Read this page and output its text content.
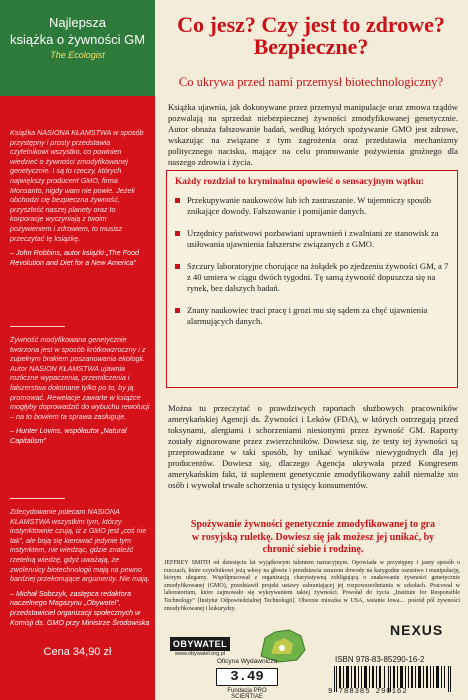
Najlepsza
książka o żywności GM
The Ecologist
Książka NASIONA KŁAMSTWA w sposób przystępny i prosty przedstawia czytelnikowi wszystko, co powinien wiedzieć o żywności zmodyfikowanej genetycznie. I są to rzeczy, których największy producent GMO, firma Monsanto, nigdy wam nie powie. Jeżeli obchodzi cię bezpieczna żywność, przyszłość naszej planety oraz to korporacje wyczyniają z twoim pożywieniem i zdrowiem, to musisz przeczytać tę książkę.
– John Robbins, autor książki „The Food Revolution and Diet for a New America”
Żywność modyfikowana genetycznie tworzona jest w sposób krótkowzroczny i z zupełnym brakiem poszanowania ekologii. Autor NASION KŁAMSTWA ujawnia rozliczne wypaczenia, przemilczenia i fałszerstwa dokonane tylko po to, by ją promować. Rewelacje zawarte w książce mogłyby doprowadzić do wybuchu rewolucji – na to bowiem ta sprawa zasługuje.
– Hunter Lovins, współautor „Natural Capitalism”
Zdecydowanie polecam NASIONA KŁAMSTWA wszystkim tym, którzy instynktownie czują, iż z GMO jest „coś nie tak”, ale boją się kierować jedynie tym instynktem, nie wiedząc, gdzie znaleźć rzetelną wiedzę, gdyż uważają, że zwolennicy biotechnologii mają na pewno bardziej przekonujące argumenty. Nie mają.
– Michał Sobczyk, zastępca redaktora naczelnego Magazynu „Obywatel”, przedstawiciel organizacji społecznych w Komisji ds. GMO przy Ministrze Środowiska
Cena 34,90 zł
Co jesz? Czy jest to zdrowe?
Bezpieczne?
Co ukrywa przed nami przemysł biotechnologiczny?
Książka ujawnia, jak dokonywane przez przemysł manipulacje oraz zmowa rządów pozwalają na sprzedaż niebezpiecznej żywności zmodyfikowanej genetycznie. Autor obnaża fałszowanie badań, według których spożywanie GMO jest zdrowe, wskazując na związane z tym zagrożenia oraz przedstawia mechanizmy politycznego nacisku, mające na celu promowanie pożywienia groźnego dla naszego zdrowia i życia.
Każdy rozdział to kryminalna opowieść o sensacyjnym wątku:
Przekupywanie naukowców lub ich zastraszanie. W tajemniczy sposób znikające dowody. Fałszowanie i pomijanie danych.
Urzędnicy państwowi pozbawiani uprawnień i zwalniani ze stanowisk za usiłowania ujawnienia fałszerstw związanych z GMO.
Szczury laboratoryjne chorujące na żołądek po zjedzeniu żywności GM, a 7 z 40 umiera w ciągu dwóch tygodni. Tę samą żywność dopuszcza się na rynek, bez dalszych badań.
Znany naukowiec traci pracę i grozi mu się sądem za chęć ujawnienia alarmujących danych.
Można tu przeczytać o prawdziwych raportach służbowych pracowników amerykańskiej Agencji ds. Żywności i Leków (FDA), w których ostrzegają przed toksynami, alergiami i schorzeniami niesionymi przez żywność GM. Raporty zostały zignorowane przez zwierzchników. Dowiesz się, że testy tej żywności są przeprowadzane w taki sposób, by unikać wyników niewygodnych dla jej producentów. Dowiesz się, dlaczego Agencja ukrywała przed Kongresem amerykańskim fakt, iż suplement genetycznie zmodyfikowany zabił niemalże sto osób i wywołał trwałe schorzenia u tysięcy konsumentów.
Spożywanie żywności genetycznie zmodyfikowanej to gra
w rosyjską ruletkę. Dowiesz się jak możesz jej unikać, by
chronić siebie i rodzinę.
JEFFREY SMITH od dziesięciu lat wyjątkowym talentem narracyjnym. Opowiada w przystępny i jasny sposób o rzeczach, które czytelnikowi jeżą włosy na głowie i przedstawia zarazem dowody na karygodne oszustwo i manipulację, którym ulegamy. Współpracował z organizacją charytatywną zobligującą o znakowanie żywności genetycznie zmodyfikowanej (GMO), przedstawił projekt ustawy zabraniającej jej rozpowszechniania w szkołach. Pracował w laboratorium, które zajmowało się wykrywaniem takiej żywności. Powołał do życia „Institute for Responsible Technology” [Instytut Odpowiedzialnej Technologii]. Obecnie mieszka w USA, wstanie Iowa… pośród pól żywności zmodyfikowanej i kukurydzy.
OBYWATEL
www.obywatel.org.pl
NEXUS
Oficyna Wydawnicza
3.49
Fundacja PRO SCIENTIAE
ISBN 978-83-85290-16-2
9 788385 290162
